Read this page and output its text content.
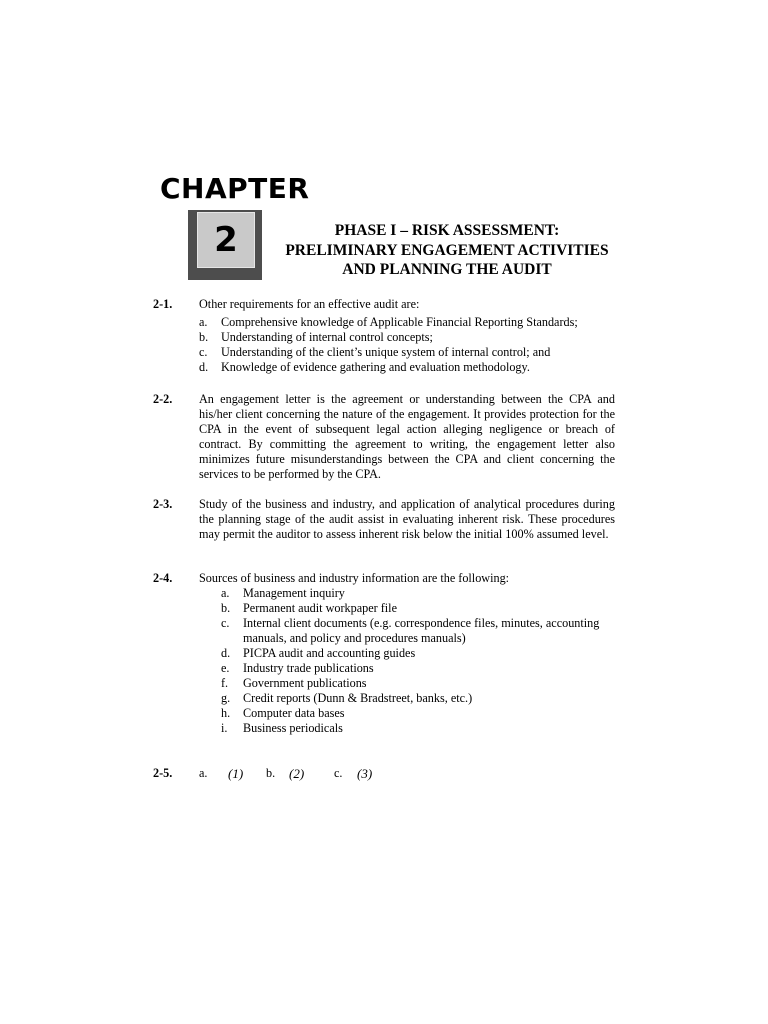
CHAPTER
2	PHASE I – RISK ASSESSMENT:
PRELIMINARY ENGAGEMENT ACTIVITIES
AND PLANNING THE AUDIT
2-1. Other requirements for an effective audit are:
a. Comprehensive knowledge of Applicable Financial Reporting Standards;
b. Understanding of internal control concepts;
c. Understanding of the client’s unique system of internal control; and
d. Knowledge of evidence gathering and evaluation methodology.
2-2. An engagement letter is the agreement or understanding between the CPA and his/her client concerning the nature of the engagement. It provides protection for the CPA in the event of subsequent legal action alleging negligence or breach of contract. By committing the agreement to writing, the engagement letter also minimizes future misunderstandings between the CPA and client concerning the services to be performed by the CPA.
2-3. Study of the business and industry, and application of analytical procedures during the planning stage of the audit assist in evaluating inherent risk. These procedures may permit the auditor to assess inherent risk below the initial 100% assumed level.
2-4. Sources of business and industry information are the following:
a. Management inquiry
b. Permanent audit workpaper file
c. Internal client documents (e.g. correspondence files, minutes, accounting manuals, and policy and procedures manuals)
d. PICPA audit and accounting guides
e. Industry trade publications
f. Government publications
g. Credit reports (Dunn & Bradstreet, banks, etc.)
h. Computer data bases
i. Business periodicals
2-5. a. (1) b. (2) c. (3)
